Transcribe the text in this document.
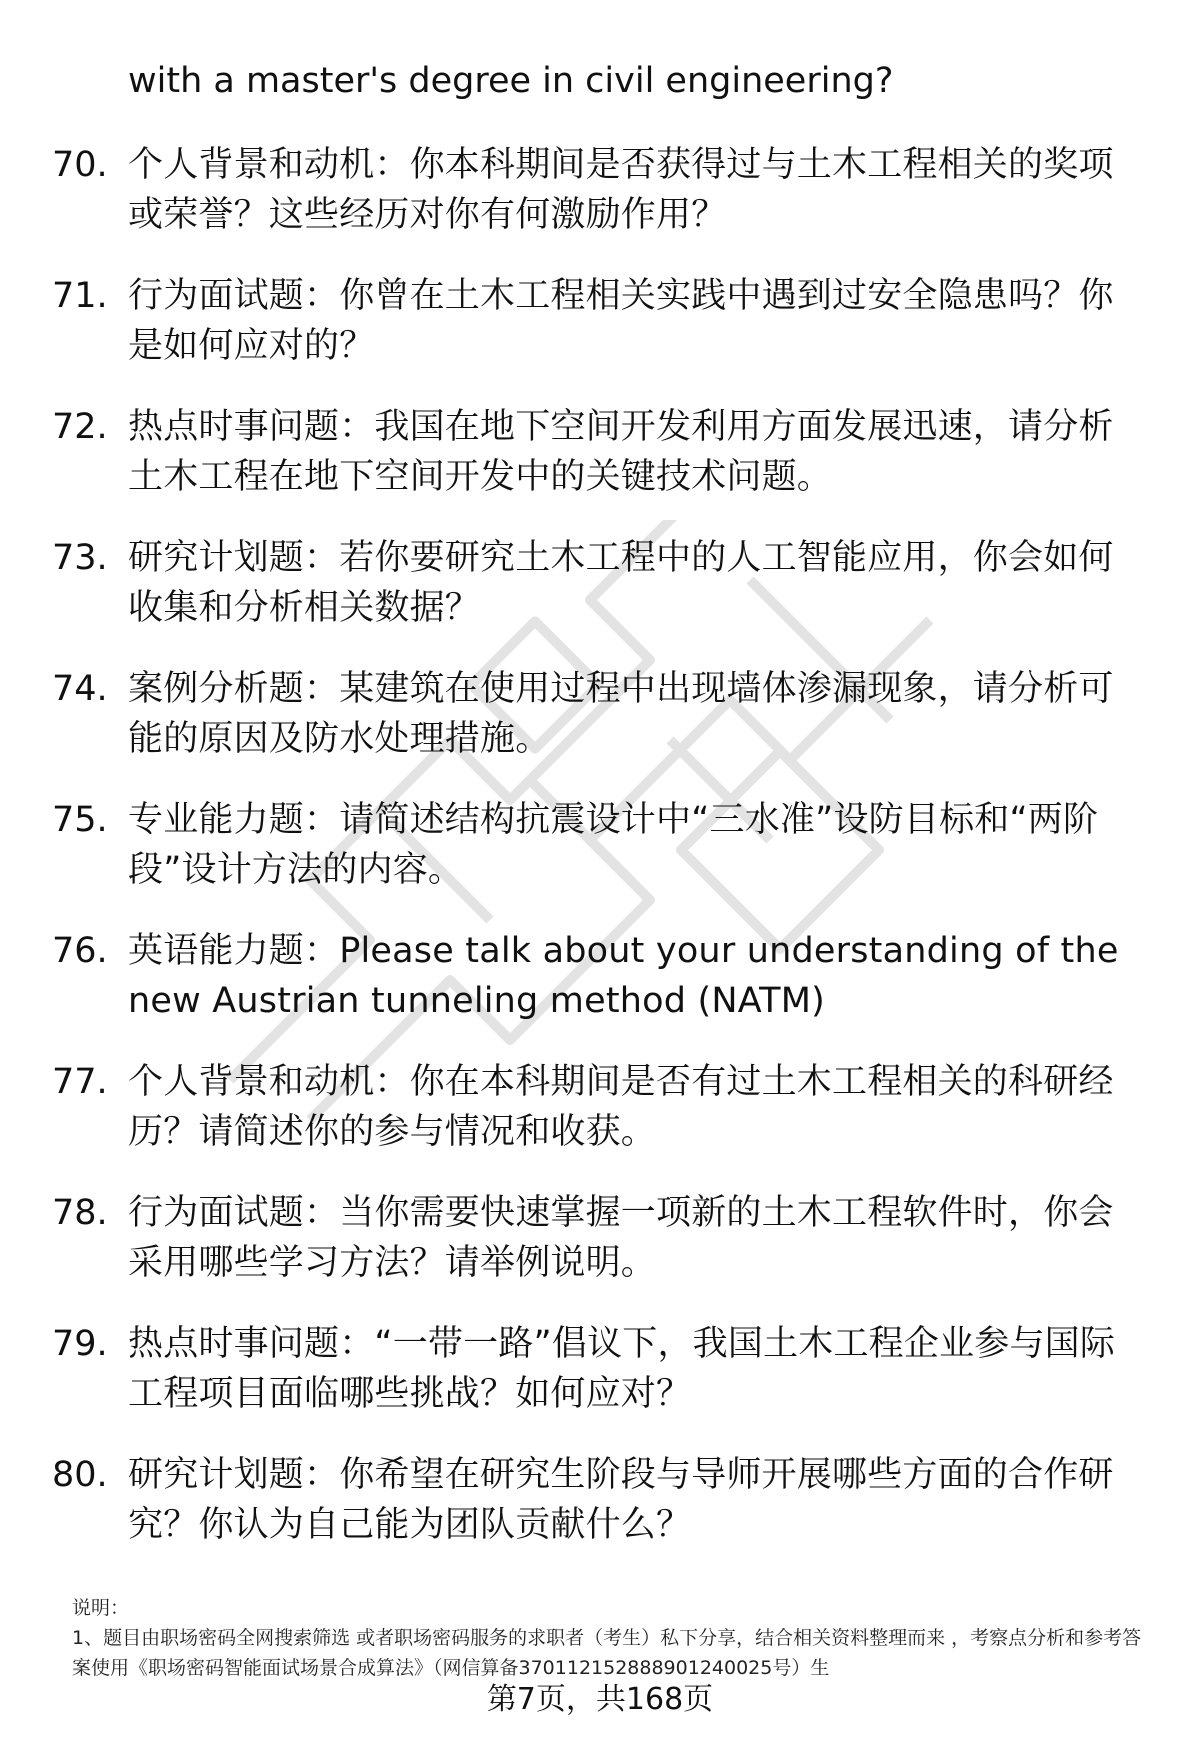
with a master's degree in civil engineering?
70. 个人背景和动机：你本科期间是否获得过与土木工程相关的奖项或荣誉？这些经历对你有何激励作用？
71. 行为面试题：你曾在土木工程相关实践中遇到过安全隐患吗？你是如何应对的？
72. 热点时事问题：我国在地下空间开发利用方面发展迅速，请分析土木工程在地下空间开发中的关键技术问题。
73. 研究计划题：若你要研究土木工程中的人工智能应用，你会如何收集和分析相关数据？
74. 案例分析题：某建筑在使用过程中出现墙体渗漏现象，请分析可能的原因及防水处理措施。
75. 专业能力题：请简述结构抗震设计中“三水准”设防目标和“两阶段”设计方法的内容。
76. 英语能力题：Please talk about your understanding of the new Austrian tunneling method (NATM)
77. 个人背景和动机：你在本科期间是否有过土木工程相关的科研经历？请简述你的参与情况和收获。
78. 行为面试题：当你需要快速掌握一项新的土木工程软件时，你会采用哪些学习方法？请举例说明。
79. 热点时事问题：“一带一路”倡议下，我国土木工程企业参与国际工程项目面临哪些挑战？如何应对？
80. 研究计划题：你希望在研究生阶段与导师开展哪些方面的合作研究？你认为自己能为团队贡献什么？
说明：
1、题目由职场密码全网搜索筛选 或者职场密码服务的求职者（考生）私下分享，结合相关资料整理而来 ，考察点分析和参考答案使用《职场密码智能面试场景合成算法》（网信算备370112152888901240025号）生
第7页，共168页
